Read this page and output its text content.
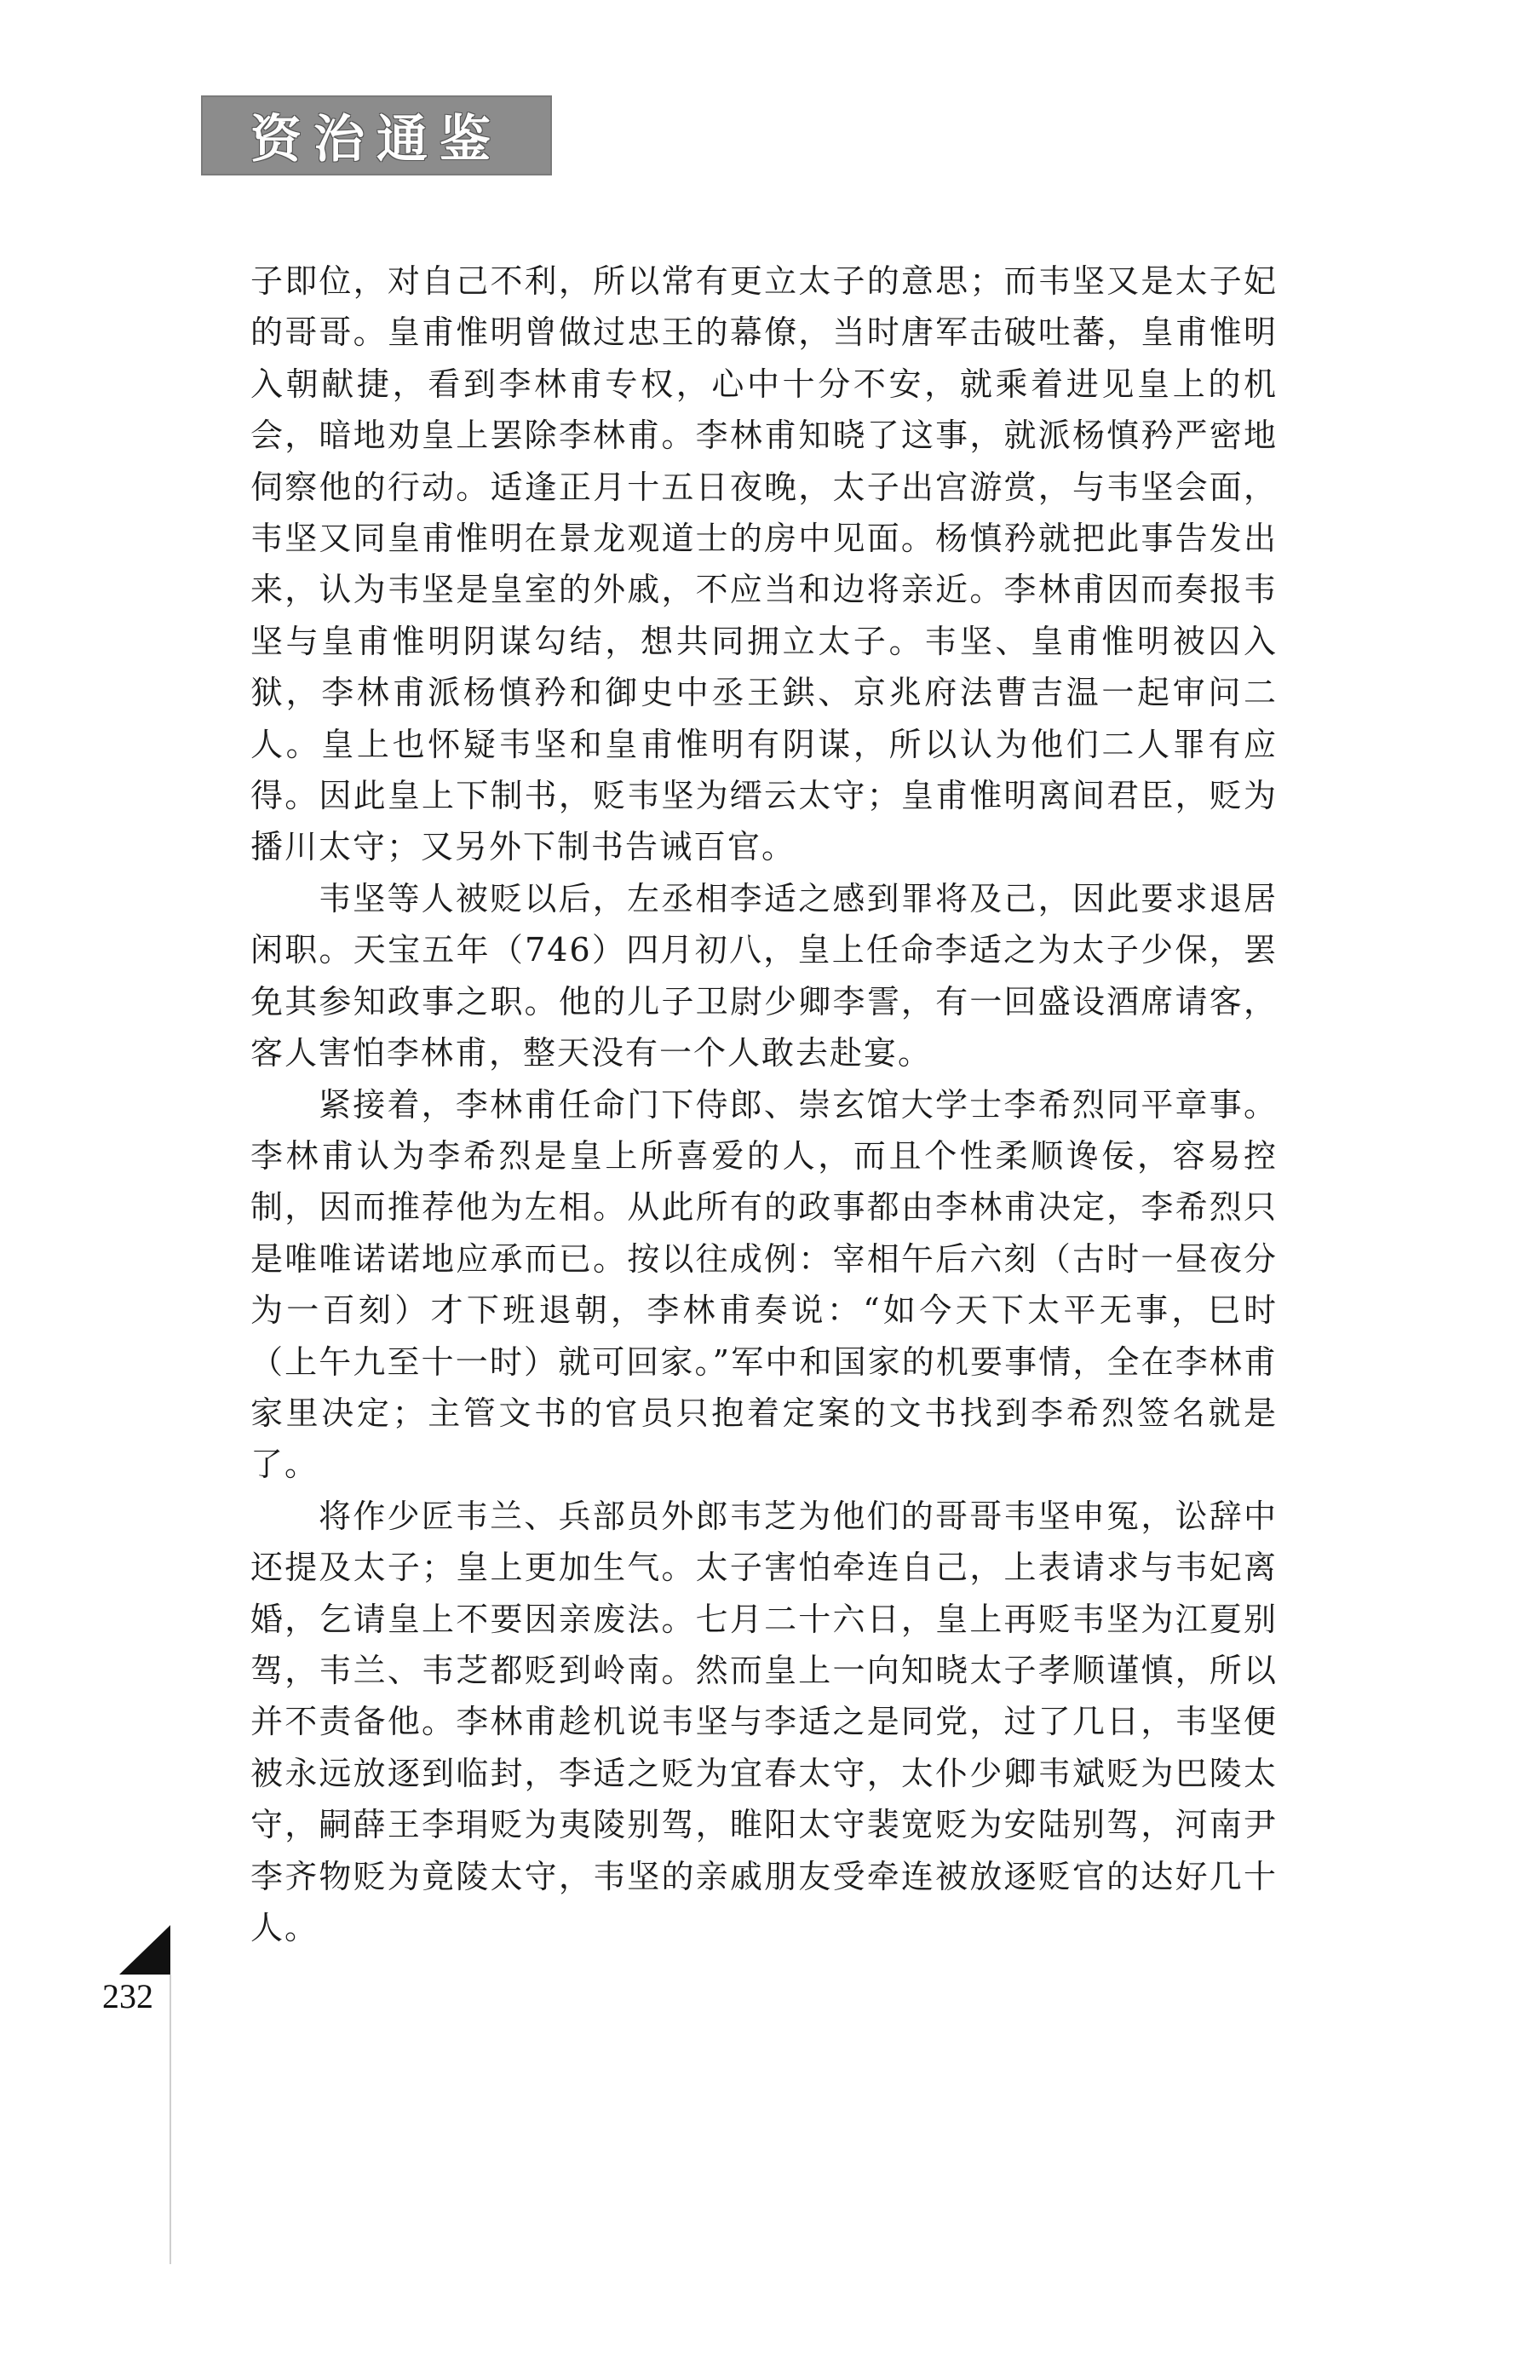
资治通鉴

子即位，对自己不利，所以常有更立太子的意思；而韦坚又是太子妃的哥哥。皇甫惟明曾做过忠王的幕僚，当时唐军击破吐蕃，皇甫惟明入朝献捷，看到李林甫专权，心中十分不安，就乘着进见皇上的机会，暗地劝皇上罢除李林甫。李林甫知晓了这事，就派杨慎矜严密地伺察他的行动。适逢正月十五日夜晚，太子出宫游赏，与韦坚会面，韦坚又同皇甫惟明在景龙观道士的房中见面。杨慎矜就把此事告发出来，认为韦坚是皇室的外戚，不应当和边将亲近。李林甫因而奏报韦坚与皇甫惟明阴谋勾结，想共同拥立太子。韦坚、皇甫惟明被囚入狱，李林甫派杨慎矜和御史中丞王鉷、京兆府法曹吉温一起审问二人。皇上也怀疑韦坚和皇甫惟明有阴谋，所以认为他们二人罪有应得。因此皇上下制书，贬韦坚为缙云太守；皇甫惟明离间君臣，贬为播川太守；又另外下制书告诫百官。

韦坚等人被贬以后，左丞相李适之感到罪将及己，因此要求退居闲职。天宝五年（746）四月初八，皇上任命李适之为太子少保，罢免其参知政事之职。他的儿子卫尉少卿李霅，有一回盛设酒席请客，客人害怕李林甫，整天没有一个人敢去赴宴。

紧接着，李林甫任命门下侍郎、崇玄馆大学士李希烈同平章事。李林甫认为李希烈是皇上所喜爱的人，而且个性柔顺谗佞，容易控制，因而推荐他为左相。从此所有的政事都由李林甫决定，李希烈只是唯唯诺诺地应承而已。按以往成例：宰相午后六刻（古时一昼夜分为一百刻）才下班退朝，李林甫奏说：“如今天下太平无事，巳时（上午九至十一时）就可回家。”军中和国家的机要事情，全在李林甫家里决定；主管文书的官员只抱着定案的文书找到李希烈签名就是了。

将作少匠韦兰、兵部员外郎韦芝为他们的哥哥韦坚申冤，讼辞中还提及太子；皇上更加生气。太子害怕牵连自己，上表请求与韦妃离婚，乞请皇上不要因亲废法。七月二十六日，皇上再贬韦坚为江夏别驾，韦兰、韦芝都贬到岭南。然而皇上一向知晓太子孝顺谨慎，所以并不责备他。李林甫趁机说韦坚与李适之是同党，过了几日，韦坚便被永远放逐到临封，李适之贬为宜春太守，太仆少卿韦斌贬为巴陵太守，嗣薛王李琄贬为夷陵别驾，睢阳太守裴宽贬为安陆别驾，河南尹李齐物贬为竟陵太守，韦坚的亲戚朋友受牵连被放逐贬官的达好几十人。

232
